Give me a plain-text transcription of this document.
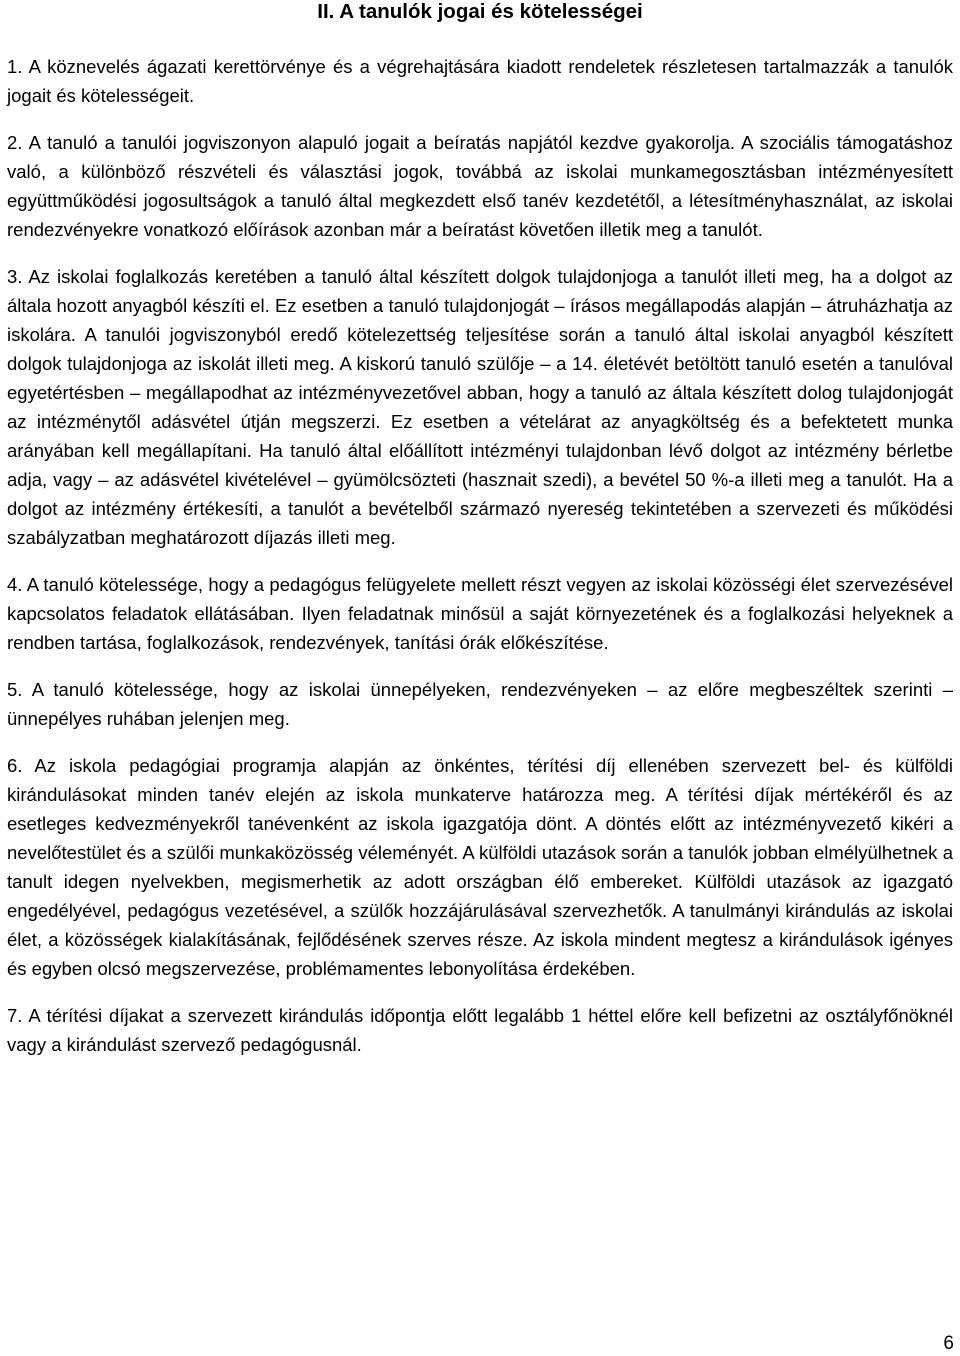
II. A tanulók jogai és kötelességei
1. A köznevelés ágazati kerettörvénye és a végrehajtására kiadott rendeletek részletesen tartalmazzák a tanulók jogait és kötelességeit.
2. A tanuló a tanulói jogviszonyon alapuló jogait a beíratás napjától kezdve gyakorolja. A szociális támogatáshoz való, a különböző részvételi és választási jogok, továbbá az iskolai munkamegosztásban intézményesített együttműködési jogosultságok a tanuló által megkezdett első tanév kezdetétől, a létesítményhasználat, az iskolai rendezvényekre vonatkozó előírások azonban már a beíratást követően illetik meg a tanulót.
3. Az iskolai foglalkozás keretében a tanuló által készített dolgok tulajdonjoga a tanulót illeti meg, ha a dolgot az általa hozott anyagból készíti el. Ez esetben a tanuló tulajdonjogát – írásos megállapodás alapján – átruházhatja az iskolára. A tanulói jogviszonyból eredő kötelezettség teljesítése során a tanuló által iskolai anyagból készített dolgok tulajdonjoga az iskolát illeti meg. A kiskorú tanuló szülője – a 14. életévét betöltött tanuló esetén a tanulóval egyetértésben – megállapodhat az intézményvezetővel abban, hogy a tanuló az általa készített dolog tulajdonjogát az intézménytől adásvétel útján megszerzi. Ez esetben a vételárat az anyagköltség és a befektetett munka arányában kell megállapítani. Ha tanuló által előállított intézményi tulajdonban lévő dolgot az intézmény bérletbe adja, vagy – az adásvétel kivételével – gyümölcsözteti (hasznait szedi), a bevétel 50 %-a illeti meg a tanulót. Ha a dolgot az intézmény értékesíti, a tanulót a bevételből származó nyereség tekintetében a szervezeti és működési szabályzatban meghatározott díjazás illeti meg.
4. A tanuló kötelessége, hogy a pedagógus felügyelete mellett részt vegyen az iskolai közösségi élet szervezésével kapcsolatos feladatok ellátásában. Ilyen feladatnak minősül a saját környezetének és a foglalkozási helyeknek a rendben tartása, foglalkozások, rendezvények, tanítási órák előkészítése.
5. A tanuló kötelessége, hogy az iskolai ünnepélyeken, rendezvényeken – az előre megbeszéltek szerinti – ünnepélyes ruhában jelenjen meg.
6. Az iskola pedagógiai programja alapján az önkéntes, térítési díj ellenében szervezett bel- és külföldi kirándulásokat minden tanév elején az iskola munkaterve határozza meg. A térítési díjak mértékéről és az esetleges kedvezményekről tanévenként az iskola igazgatója dönt. A döntés előtt az intézményvezető kikéri a nevelőtestület és a szülői munkaközösség véleményét. A külföldi utazások során a tanulók jobban elmélyülhetnek a tanult idegen nyelvekben, megismerhetik az adott országban élő embereket. Külföldi utazások az igazgató engedélyével, pedagógus vezetésével, a szülők hozzájárulásával szervezhetők. A tanulmányi kirándulás az iskolai élet, a közösségek kialakításának, fejlődésének szerves része. Az iskola mindent megtesz a kirándulások igényes és egyben olcsó megszervezése, problémamentes lebonyolítása érdekében.
7. A térítési díjakat a szervezett kirándulás időpontja előtt legalább 1 héttel előre kell befizetni az osztályfőnöknél vagy a kirándulást szervező pedagógusnál.
6
